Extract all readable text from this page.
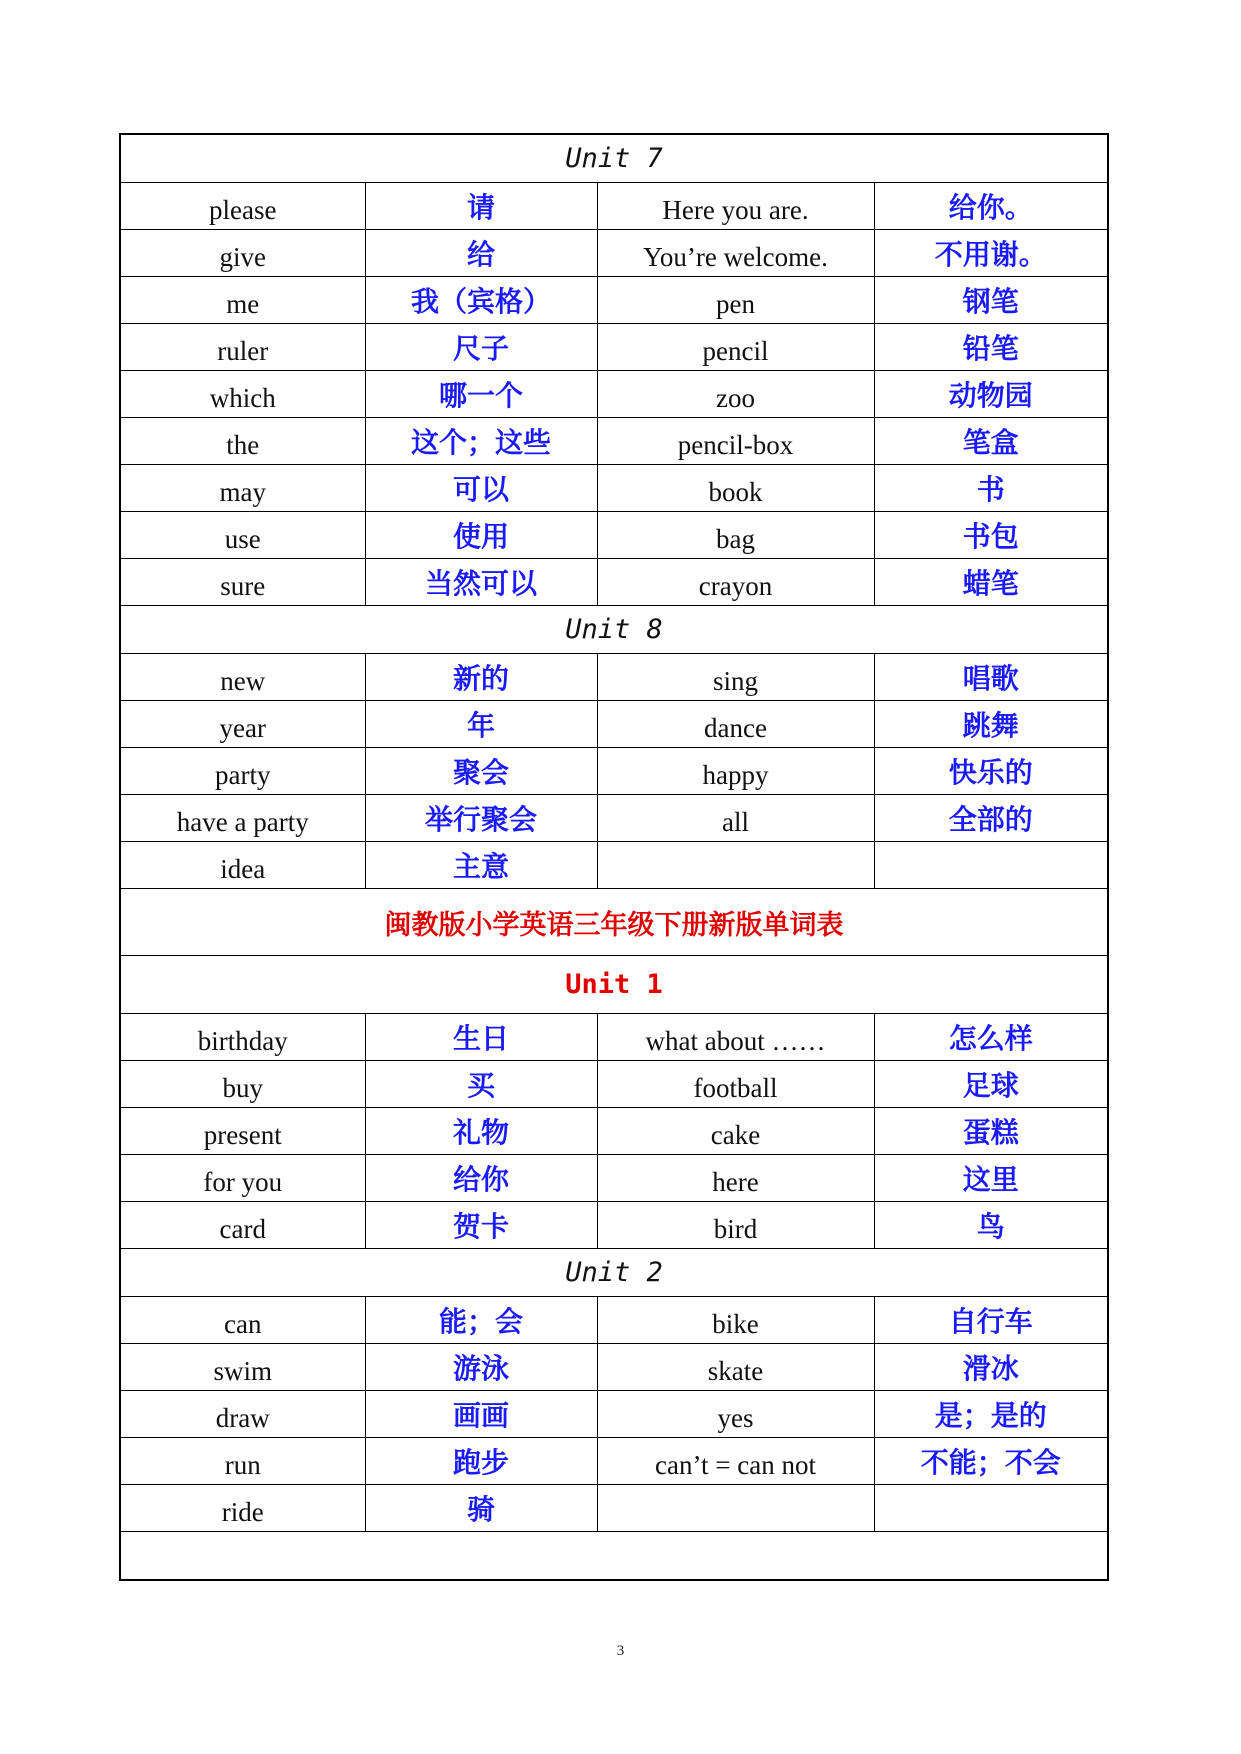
Unit 7			
please	请	Here you are.	给你。
give	给	You’re welcome.	不用谢。
me	我（宾格）	pen	钢笔
ruler	尺子	pencil	铅笔
which	哪一个	zoo	动物园
the	这个；这些	pencil-box	笔盒
may	可以	book	书
use	使用	bag	书包
sure	当然可以	crayon	蜡笔
Unit 8			
new	新的	sing	唱歌
year	年	dance	跳舞
party	聚会	happy	快乐的
have a party	举行聚会	all	全部的
idea	主意		
闽教版小学英语三年级下册新版单词表			
Unit 1			
birthday	生日	what about ……	怎么样
buy	买	football	足球
present	礼物	cake	蛋糕
for you	给你	here	这里
card	贺卡	bird	鸟
Unit 2			
can	能；会	bike	自行车
swim	游泳	skate	滑冰
draw	画画	yes	是；是的
run	跑步	can’t = can not	不能；不会
ride	骑		

3
